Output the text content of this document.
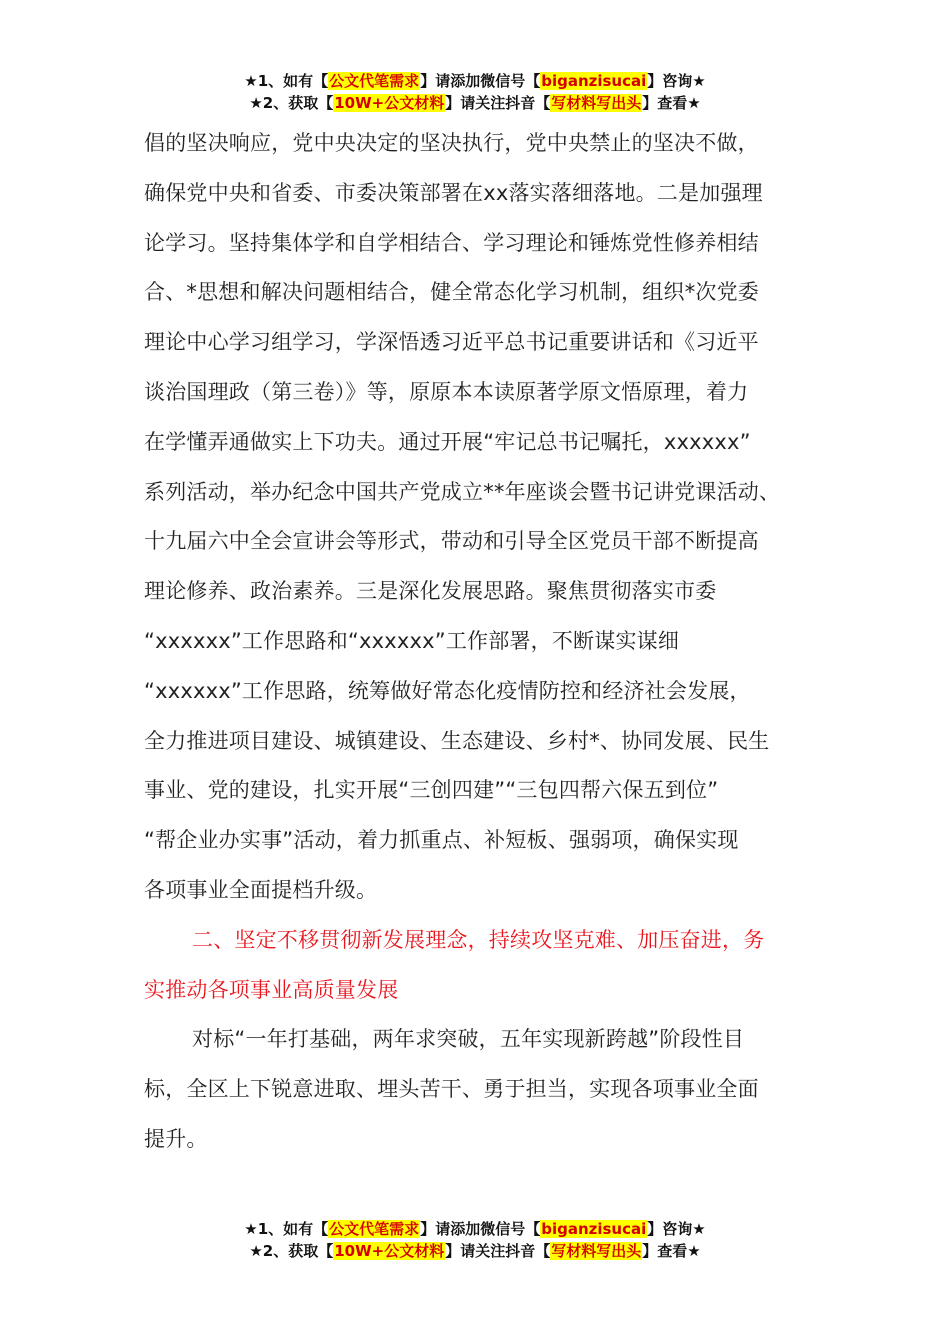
★1、如有【公文代笔需求】请添加微信号【biganzisucai】咨询★
★2、获取【10W+公文材料】请关注抖音【写材料写出头】查看★
倡的坚决响应，党中央决定的坚决执行，党中央禁止的坚决不做，
确保党中央和省委、市委决策部署在xx落实落细落地。二是加强理
论学习。坚持集体学和自学相结合、学习理论和锤炼党性修养相结
合、*思想和解决问题相结合，健全常态化学习机制，组织*次党委
理论中心学习组学习，学深悟透习近平总书记重要讲话和《习近平
谈治国理政（第三卷）》等，原原本本读原著学原文悟原理，着力
在学懂弄通做实上下功夫。通过开展“牢记总书记嘱托，xxxxxx”
系列活动，举办纪念中国共产党成立**年座谈会暨书记讲党课活动、
十九届六中全会宣讲会等形式，带动和引导全区党员干部不断提高
理论修养、政治素养。三是深化发展思路。聚焦贯彻落实市委
“xxxxxx”工作思路和“xxxxxx”工作部署，不断谋实谋细
“xxxxxx”工作思路，统筹做好常态化疫情防控和经济社会发展，
全力推进项目建设、城镇建设、生态建设、乡村*、协同发展、民生
事业、党的建设，扎实开展“三创四建”“三包四帮六保五到位”
“帮企业办实事”活动，着力抓重点、补短板、强弱项，确保实现
各项事业全面提档升级。
二、坚定不移贯彻新发展理念，持续攻坚克难、加压奋进，务
实推动各项事业高质量发展
对标“一年打基础，两年求突破，五年实现新跨越”阶段性目
标，全区上下锐意进取、埋头苦干、勇于担当，实现各项事业全面
提升。
★1、如有【公文代笔需求】请添加微信号【biganzisucai】咨询★
★2、获取【10W+公文材料】请关注抖音【写材料写出头】查看★
